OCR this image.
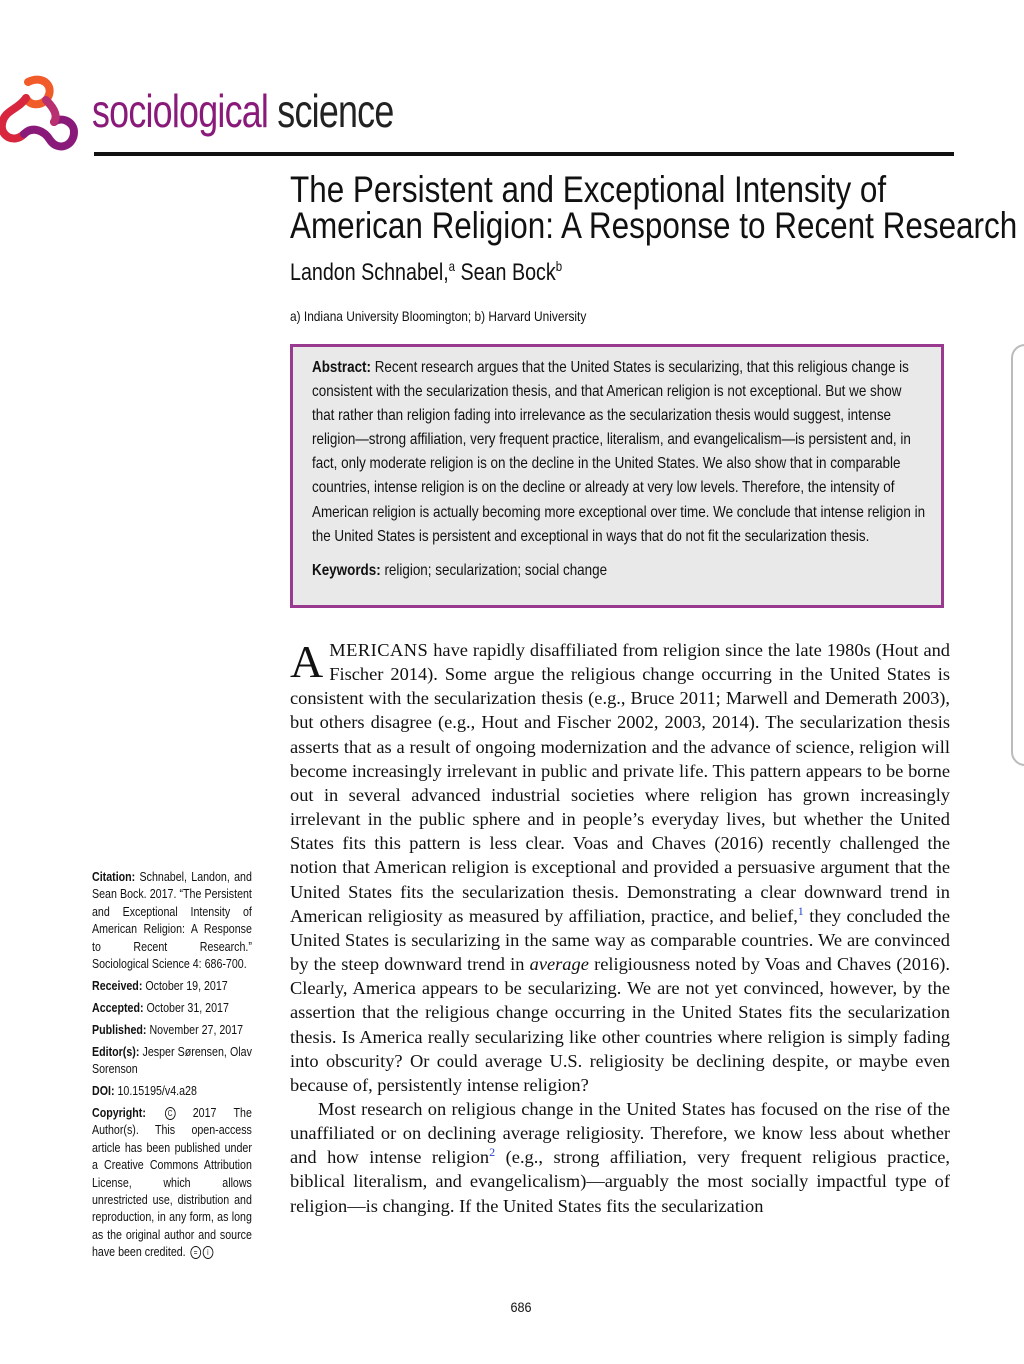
sociological science
The Persistent and Exceptional Intensity of American Religion: A Response to Recent Research
Landon Schnabel,$^a$ Sean Bock$^b$
a) Indiana University Bloomington; b) Harvard University
Abstract: Recent research argues that the United States is secularizing, that this religious change is consistent with the secularization thesis, and that American religion is not exceptional. But we show that rather than religion fading into irrelevance as the secularization thesis would suggest, intense religion—strong affiliation, very frequent practice, literalism, and evangelicalism—is persistent and, in fact, only moderate religion is on the decline in the United States. We also show that in comparable countries, intense religion is on the decline or already at very low levels. Therefore, the intensity of American religion is actually becoming more exceptional over time. We conclude that intense religion in the United States is persistent and exceptional in ways that do not fit the secularization thesis.
Keywords: religion; secularization; social change

AMERICANS have rapidly disaffiliated from religion since the late 1980s (Hout and Fischer 2014). Some argue the religious change occurring in the United States is consistent with the secularization thesis (e.g., Bruce 2011; Marwell and Demerath 2003), but others disagree (e.g., Hout and Fischer 2002, 2003, 2014). The secularization thesis asserts that as a result of ongoing modernization and the advance of science, religion will become increasingly irrelevant in public and private life. This pattern appears to be borne out in several advanced industrial societies where religion has grown increasingly irrelevant in the public sphere and in people’s everyday lives, but whether the United States fits this pattern is less clear. Voas and Chaves (2016) recently challenged the notion that American religion is exceptional and provided a persuasive argument that the United States fits the secularization thesis. Demonstrating a clear downward trend in American religiosity as measured by affiliation, practice, and belief,$^1$ they concluded the United States is secularizing in the same way as comparable countries. We are convinced by the steep downward trend in average religiousness noted by Voas and Chaves (2016). Clearly, America appears to be secularizing. We are not yet convinced, however, by the assertion that the religious change occurring in the United States fits the secularization thesis. Is America really secularizing like other countries where religion is simply fading into obscurity? Or could average U.S. religiosity be declining despite, or maybe even because of, persistently intense religion?

Most research on religious change in the United States has focused on the rise of the unaffiliated or on declining average religiosity. Therefore, we know less about whether and how intense religion$^2$ (e.g., strong affiliation, very frequent religious practice, biblical literalism, and evangelicalism)—arguably the most socially impactful type of religion—is changing. If the United States fits the secularization

Citation: Schnabel, Landon, and Sean Bock. 2017. “The Persistent and Exceptional Intensity of American Religion: A Response to Recent Research.” Sociological Science 4: 686-700.

Received: October 19, 2017

Accepted: October 31, 2017

Published: November 27, 2017

Editor(s): Jesper Sørensen, Olav Sorenson

DOI: 10.15195/v4.a28

Copyright:	C 2017 The Author(s). This open-access article has been published under a Creative Commons Attribution License, which allows unrestricted use, distribution and reproduction, in any form, as long as the original author and source have been credited. = i

686
